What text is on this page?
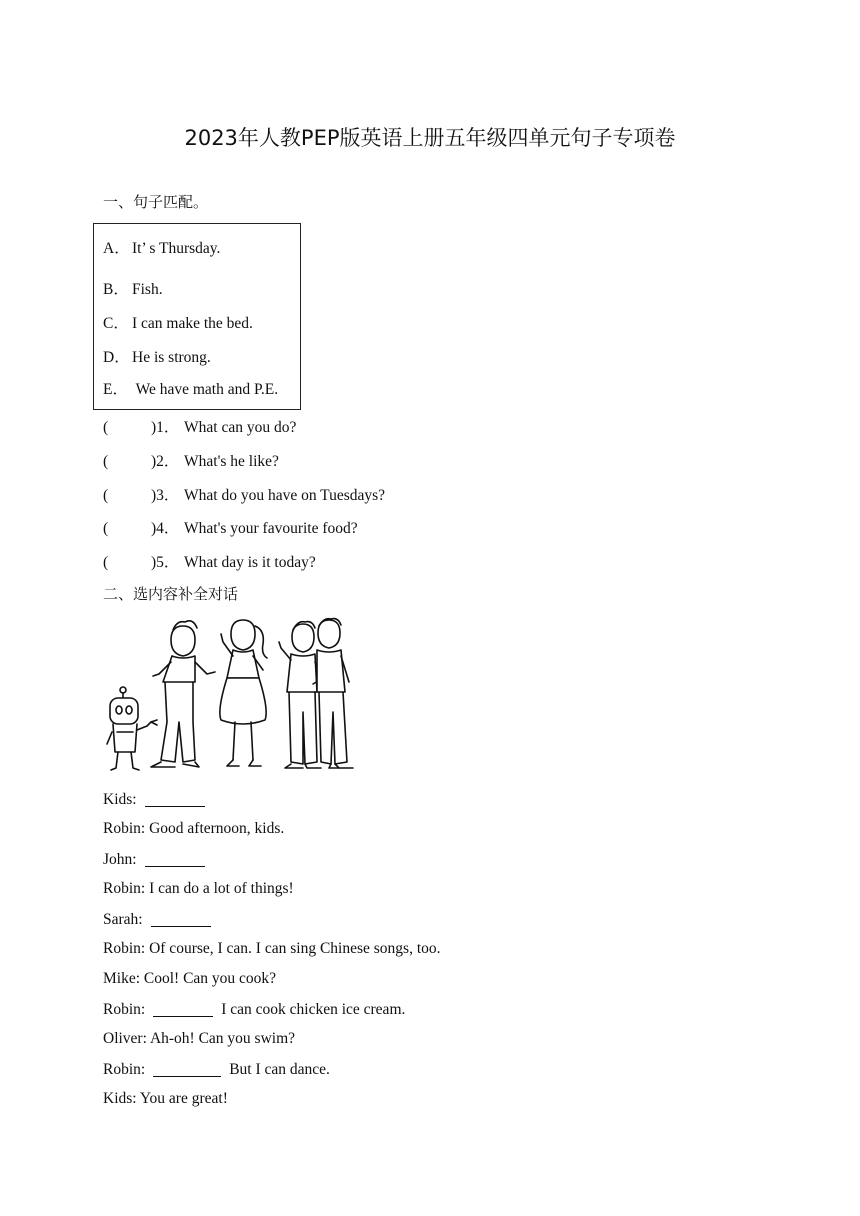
2023年人教PEP版英语上册五年级四单元句子专项卷
一、句子匹配。
A． It’ s Thursday.
B． Fish.
C． I can make the bed.
D． He is strong.
E． We have math and P.E.
(	)1． What can you do?
(	)2． What's he like?
(	)3． What do you have on Tuesdays?
(	)4． What's your favourite food?
(	)5． What day is it today?
二、选内容补全对话
Kids:
Robin: Good afternoon, kids.
John:
Robin: I can do a lot of things!
Sarah:
Robin: Of course, I can. I can sing Chinese songs, too.
Mike: Cool! Can you cook?
Robin:	I can cook chicken ice cream.
Oliver: Ah-oh! Can you swim?
Robin:	But I can dance.
Kids: You are great!
